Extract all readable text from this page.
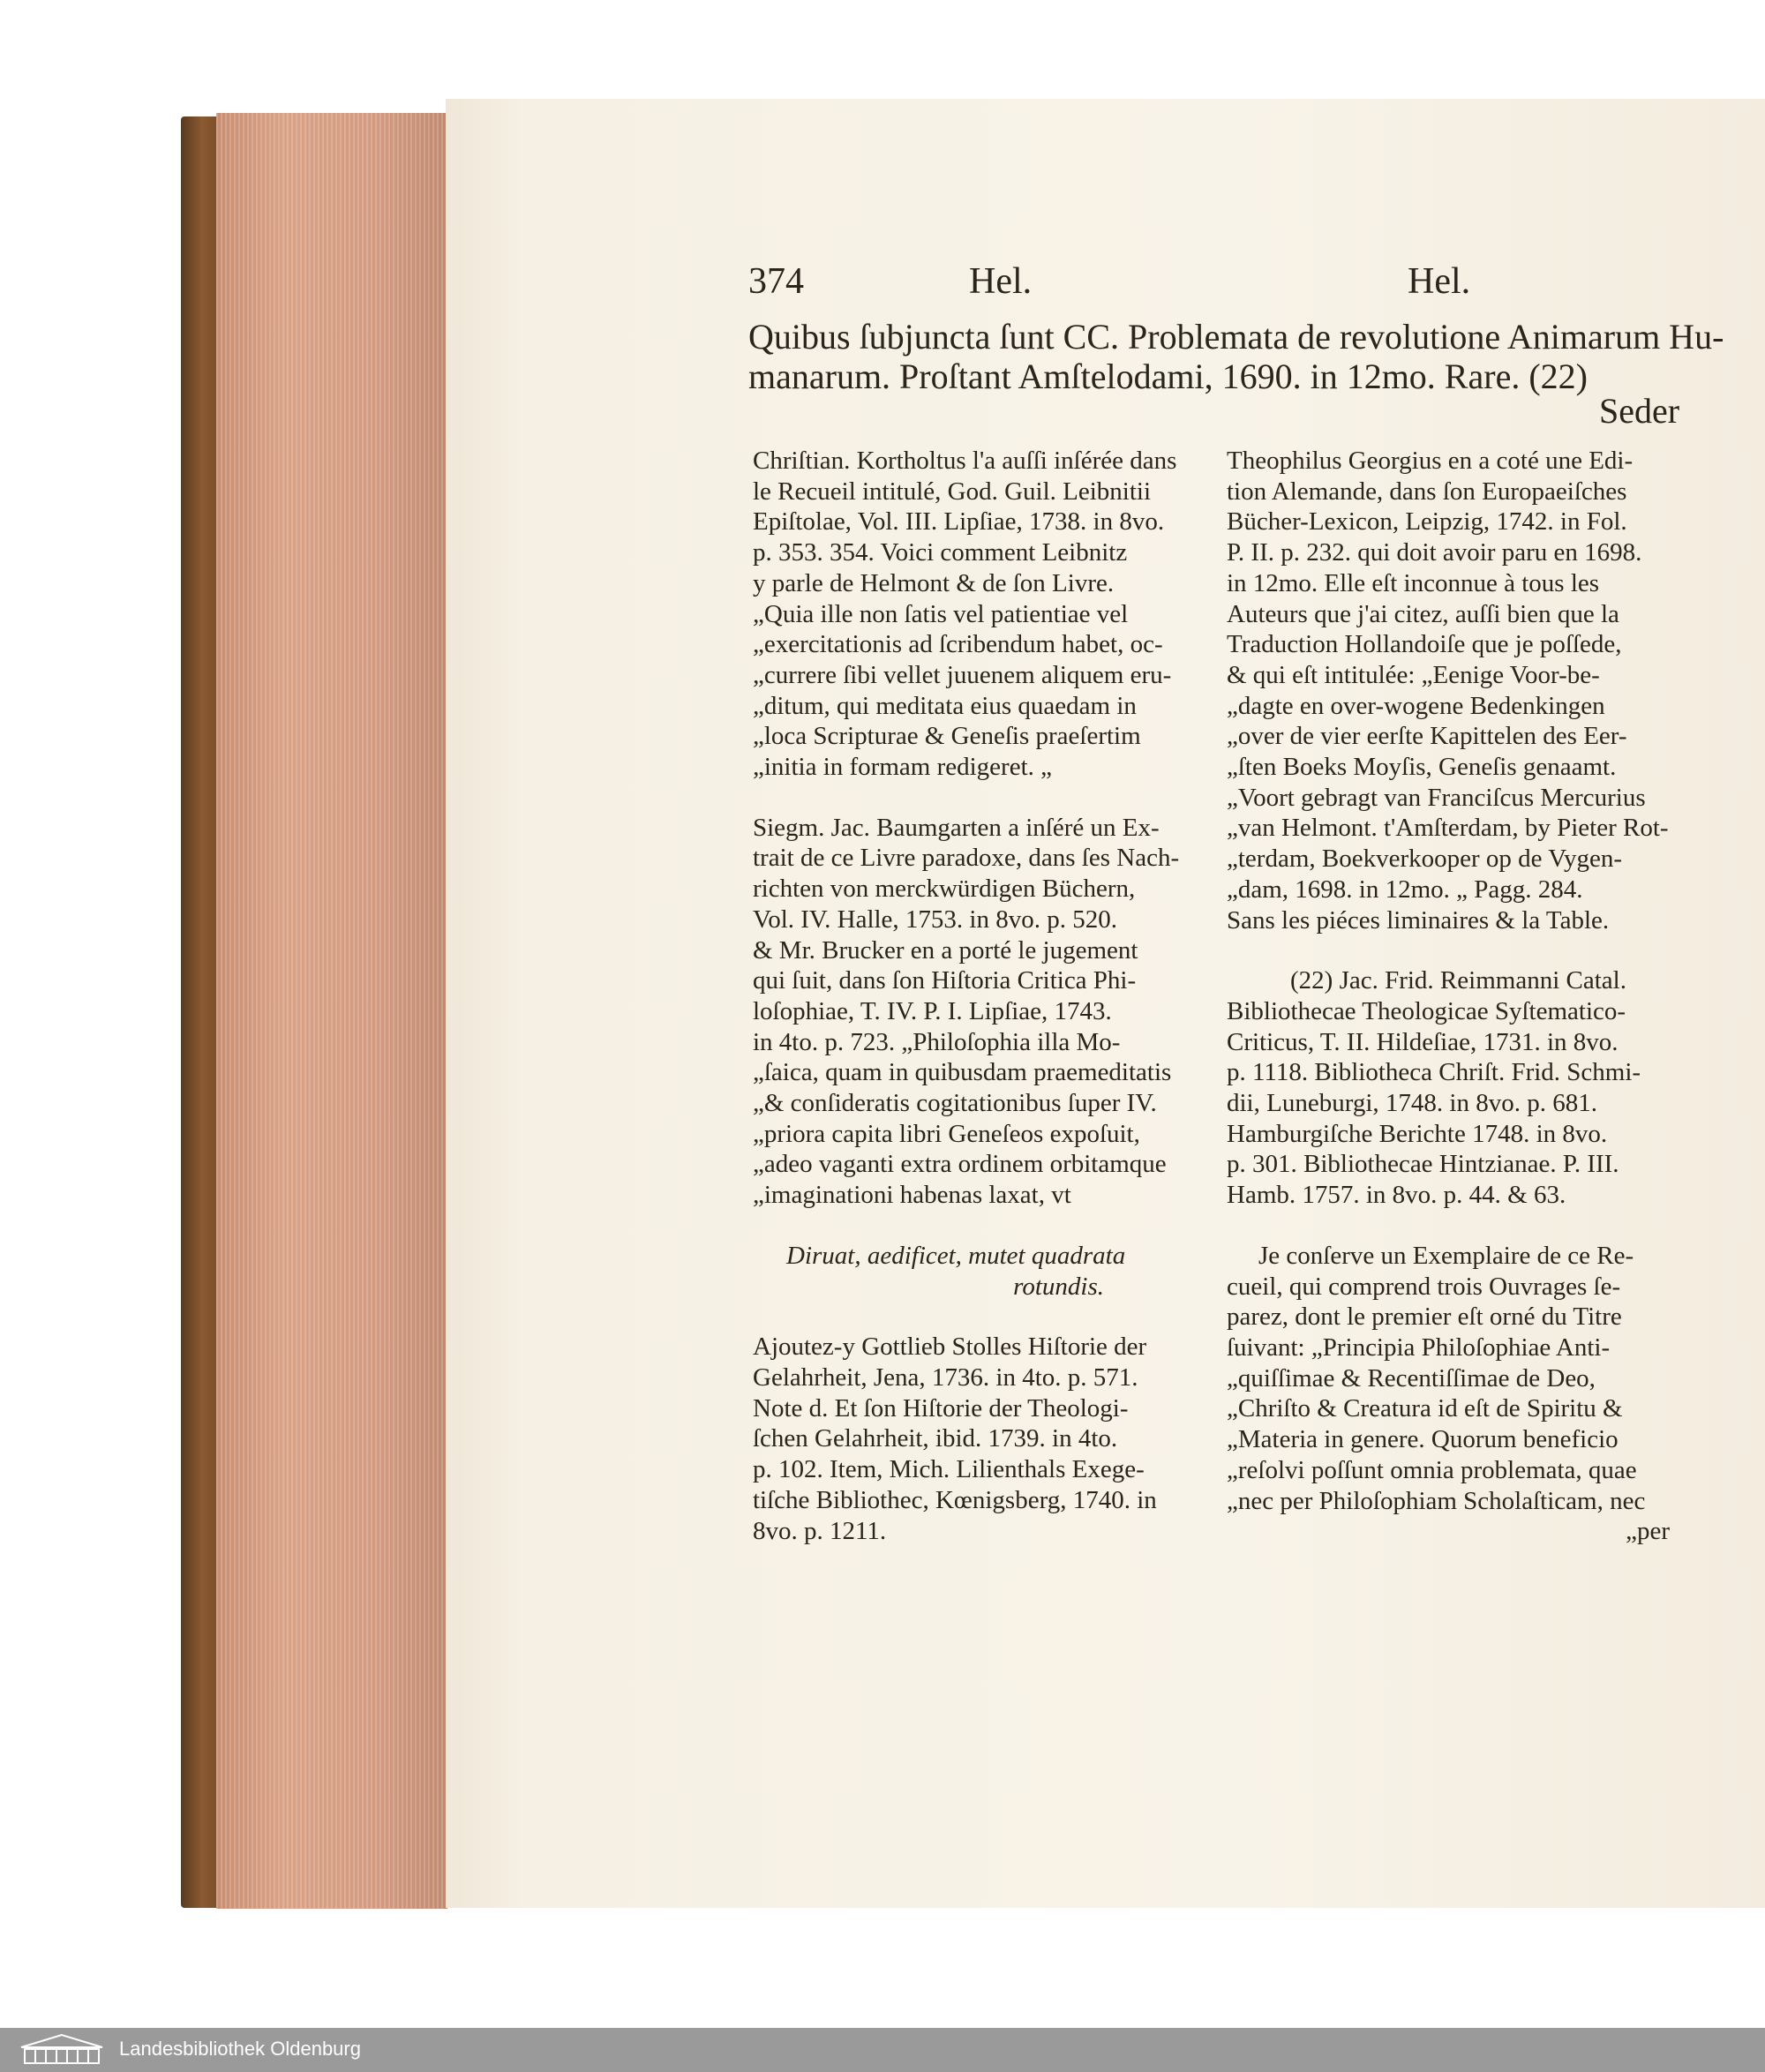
374	Hel.	Hel.
Quibus ſubjuncta ſunt CC. Problemata de revolutione Animarum Hu-
manarum. Proſtant Amſtelodami, 1690. in 12mo. Rare. (22)
Seder
Chriſtian. Kortholtus l'a auſſi inſérée dans
le Recueil intitulé, God. Guil. Leibnitii
Epiſtolae, Vol. III. Lipſiae, 1738. in 8vo.
p. 353. 354. Voici comment Leibnitz
y parle de Helmont & de ſon Livre.
„Quia ille non ſatis vel patientiae vel
„exercitationis ad ſcribendum habet, oc-
„currere ſibi vellet juuenem aliquem eru-
„ditum, qui meditata eius quaedam in
„loca Scripturae & Geneſis praeſertim
„initia in formam redigeret. „
Siegm. Jac. Baumgarten a inſéré un Ex-
trait de ce Livre paradoxe, dans ſes Nach-
richten von merckwürdigen Büchern,
Vol. IV. Halle, 1753. in 8vo. p. 520.
& Mr. Brucker en a porté le jugement
qui ſuit, dans ſon Hiſtoria Critica Phi-
loſophiae, T. IV. P. I. Lipſiae, 1743.
in 4to. p. 723. „Philoſophia illa Mo-
„ſaica, quam in quibusdam praemeditatis
„& conſideratis cogitationibus ſuper IV.
„priora capita libri Geneſeos expoſuit,
„adeo vaganti extra ordinem orbitamque
„imaginationi habenas laxat, vt
Diruat, aedificet, mutet quadrata
rotundis.
Ajoutez-y Gottlieb Stolles Hiſtorie der
Gelahrheit, Jena, 1736. in 4to. p. 571.
Note d. Et ſon Hiſtorie der Theologi-
ſchen Gelahrheit, ibid. 1739. in 4to.
p. 102. Item, Mich. Lilienthals Exege-
tiſche Bibliothec, Kœnigsberg, 1740. in
8vo. p. 1211.
Theophilus Georgius en a coté une Edi-
tion Alemande, dans ſon Europaeiſches
Bücher-Lexicon, Leipzig, 1742. in Fol.
P. II. p. 232. qui doit avoir paru en 1698.
in 12mo. Elle eſt inconnue à tous les
Auteurs que j'ai citez, auſſi bien que la
Traduction Hollandoiſe que je poſſede,
& qui eſt intitulée: „Eenige Voor-be-
„dagte en over-wogene Bedenkingen
„over de vier eerſte Kapittelen des Eer-
„ſten Boeks Moyſis, Geneſis genaamt.
„Voort gebragt van Franciſcus Mercurius
„van Helmont. t'Amſterdam, by Pieter Rot-
„terdam, Boekverkooper op de Vygen-
„dam, 1698. in 12mo. „ Pagg. 284.
Sans les piéces liminaires & la Table.
(22) Jac. Frid. Reimmanni Catal.
Bibliothecae Theologicae Syſtematico-
Criticus, T. II. Hildeſiae, 1731. in 8vo.
p. 1118. Bibliotheca Chriſt. Frid. Schmi-
dii, Luneburgi, 1748. in 8vo. p. 681.
Hamburgiſche Berichte 1748. in 8vo.
p. 301. Bibliothecae Hintzianae. P. III.
Hamb. 1757. in 8vo. p. 44. & 63.
Je conſerve un Exemplaire de ce Re-
cueil, qui comprend trois Ouvrages ſe-
parez, dont le premier eſt orné du Titre
ſuivant: „Principia Philoſophiae Anti-
„quiſſimae & Recentiſſimae de Deo,
„Chriſto & Creatura id eſt de Spiritu &
„Materia in genere. Quorum beneficio
„reſolvi poſſunt omnia problemata, quae
„nec per Philoſophiam Scholaſticam, nec
„per
Landesbibliothek Oldenburg
